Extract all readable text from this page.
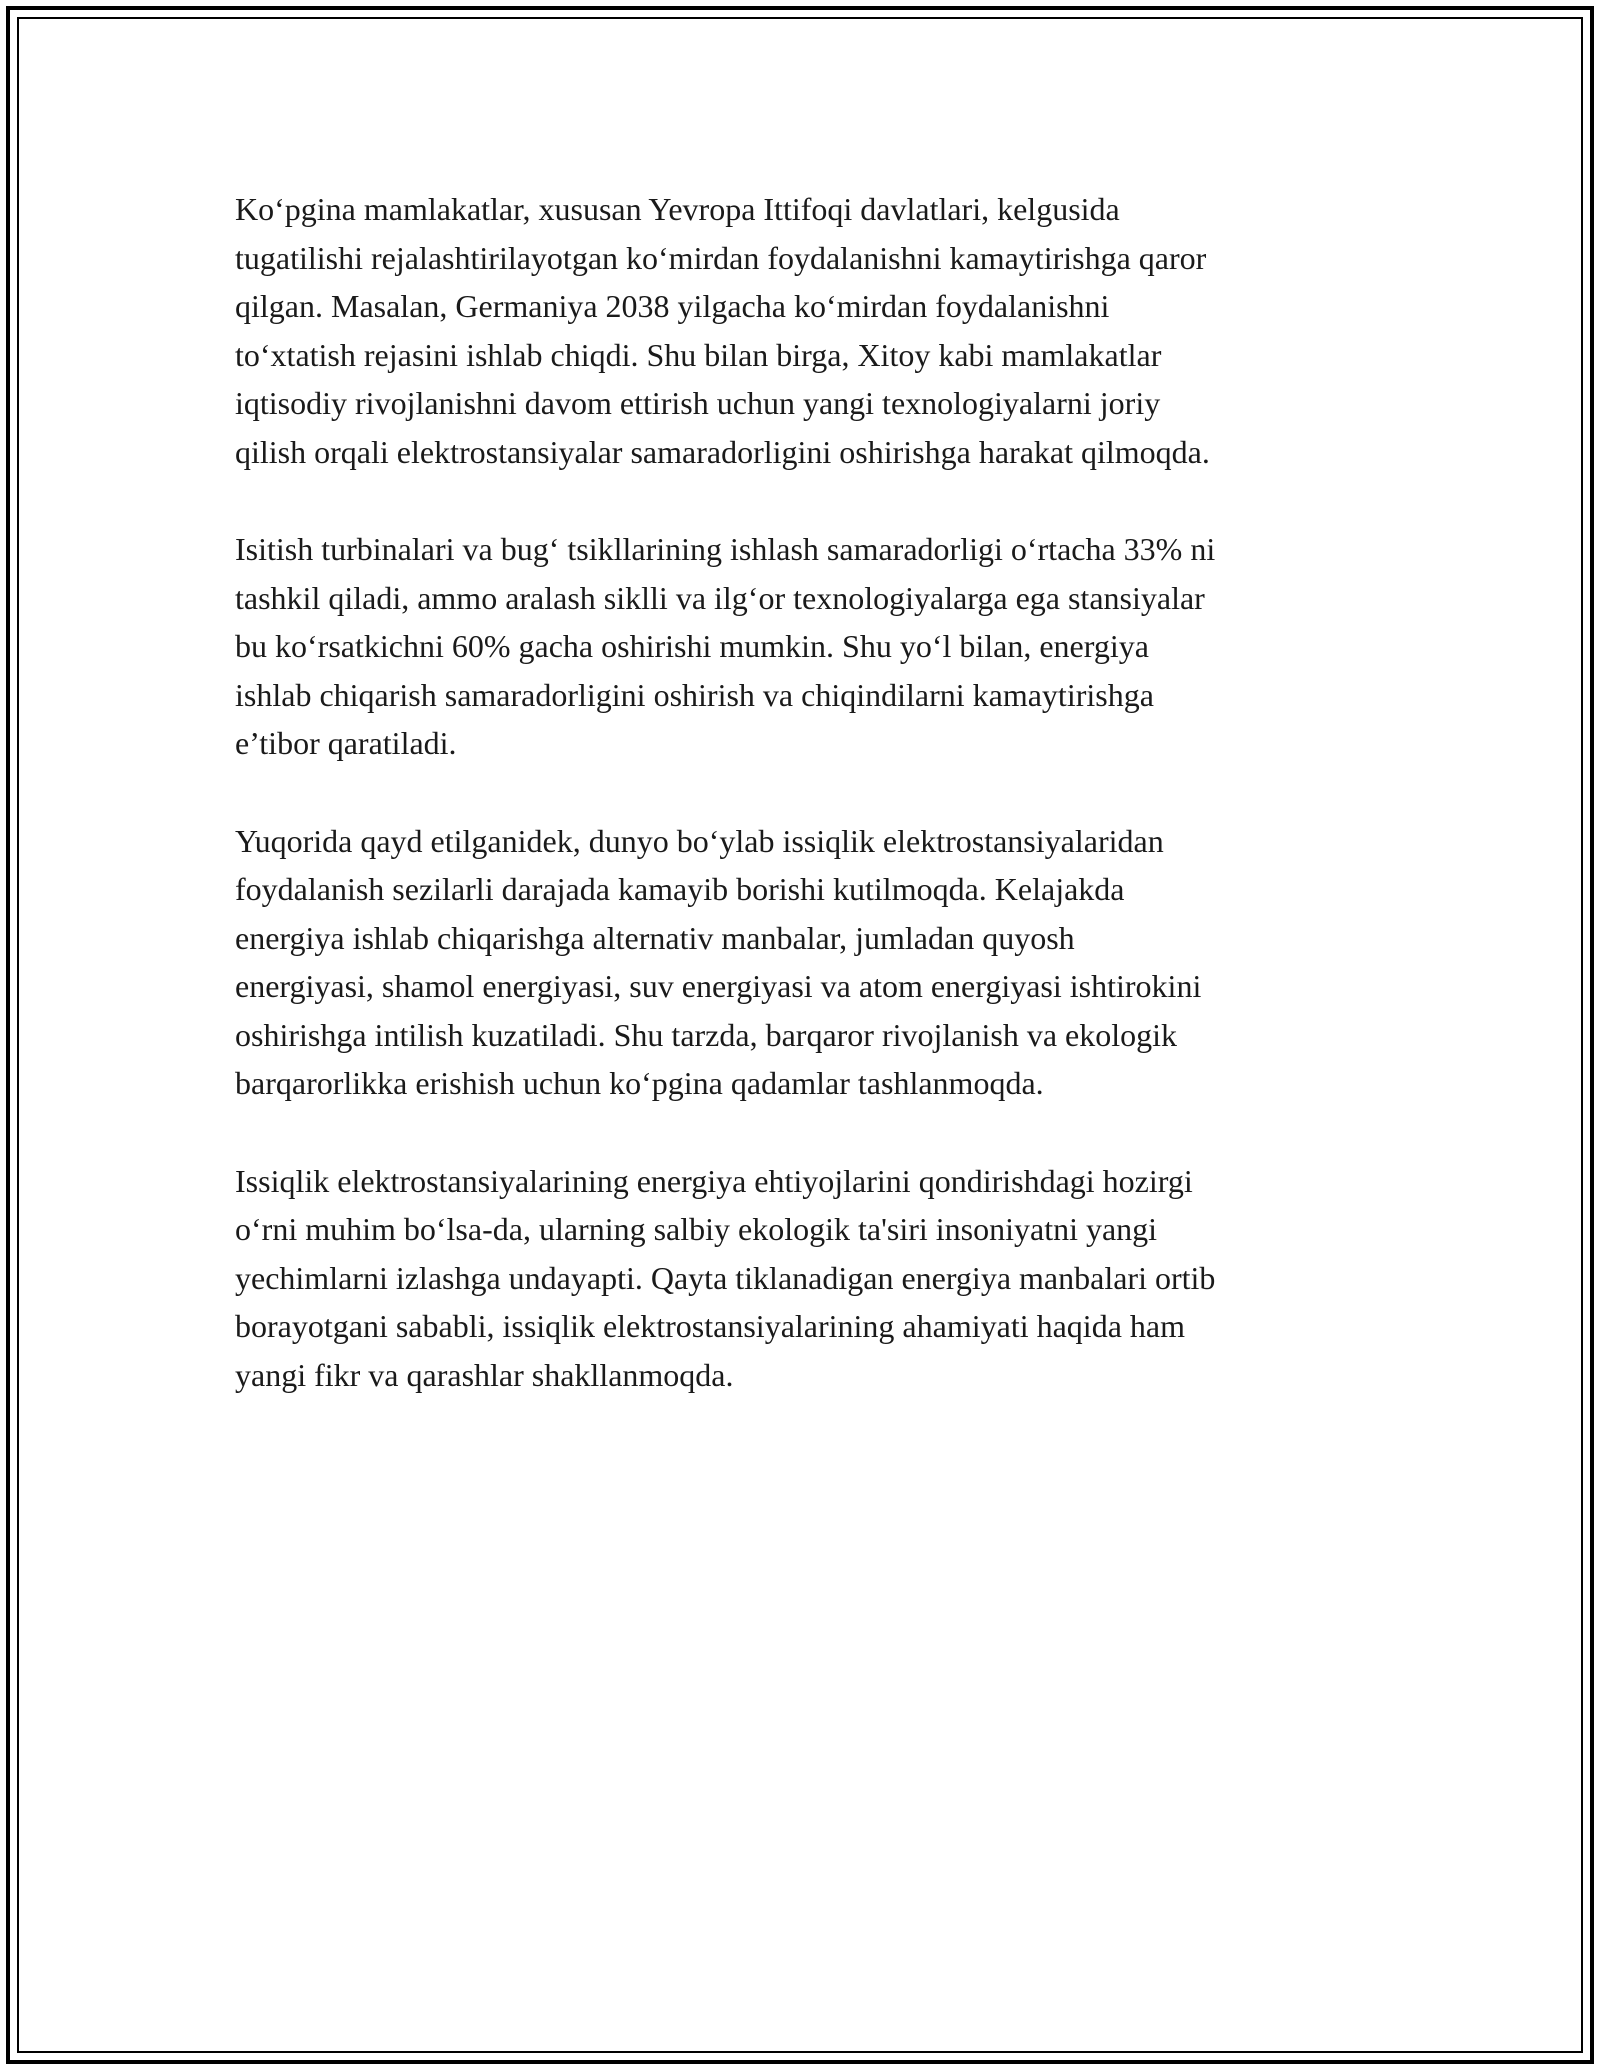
Ko‘pgina mamlakatlar, xususan Yevropa Ittifoqi davlatlari, kelgusida
tugatilishi rejalashtirilayotgan ko‘mirdan foydalanishni kamaytirishga qaror
qilgan. Masalan, Germaniya 2038 yilgacha ko‘mirdan foydalanishni
to‘xtatish rejasini ishlab chiqdi. Shu bilan birga, Xitoy kabi mamlakatlar
iqtisodiy rivojlanishni davom ettirish uchun yangi texnologiyalarni joriy
qilish orqali elektrostansiyalar samaradorligini oshirishga harakat qilmoqda.

Isitish turbinalari va bug‘ tsikllarining ishlash samaradorligi o‘rtacha 33% ni
tashkil qiladi, ammo aralash siklli va ilg‘or texnologiyalarga ega stansiyalar
bu ko‘rsatkichni 60% gacha oshirishi mumkin. Shu yo‘l bilan, energiya
ishlab chiqarish samaradorligini oshirish va chiqindilarni kamaytirishga
e’tibor qaratiladi.

Yuqorida qayd etilganidek, dunyo bo‘ylab issiqlik elektrostansiyalaridan
foydalanish sezilarli darajada kamayib borishi kutilmoqda. Kelajakda
energiya ishlab chiqarishga alternativ manbalar, jumladan quyosh
energiyasi, shamol energiyasi, suv energiyasi va atom energiyasi ishtirokini
oshirishga intilish kuzatiladi. Shu tarzda, barqaror rivojlanish va ekologik
barqarorlikka erishish uchun ko‘pgina qadamlar tashlanmoqda.

Issiqlik elektrostansiyalarining energiya ehtiyojlarini qondirishdagi hozirgi
o‘rni muhim bo‘lsa-da, ularning salbiy ekologik ta'siri insoniyatni yangi
yechimlarni izlashga undayapti. Qayta tiklanadigan energiya manbalari ortib
borayotgani sababli, issiqlik elektrostansiyalarining ahamiyati haqida ham
yangi fikr va qarashlar shakllanmoqda.
